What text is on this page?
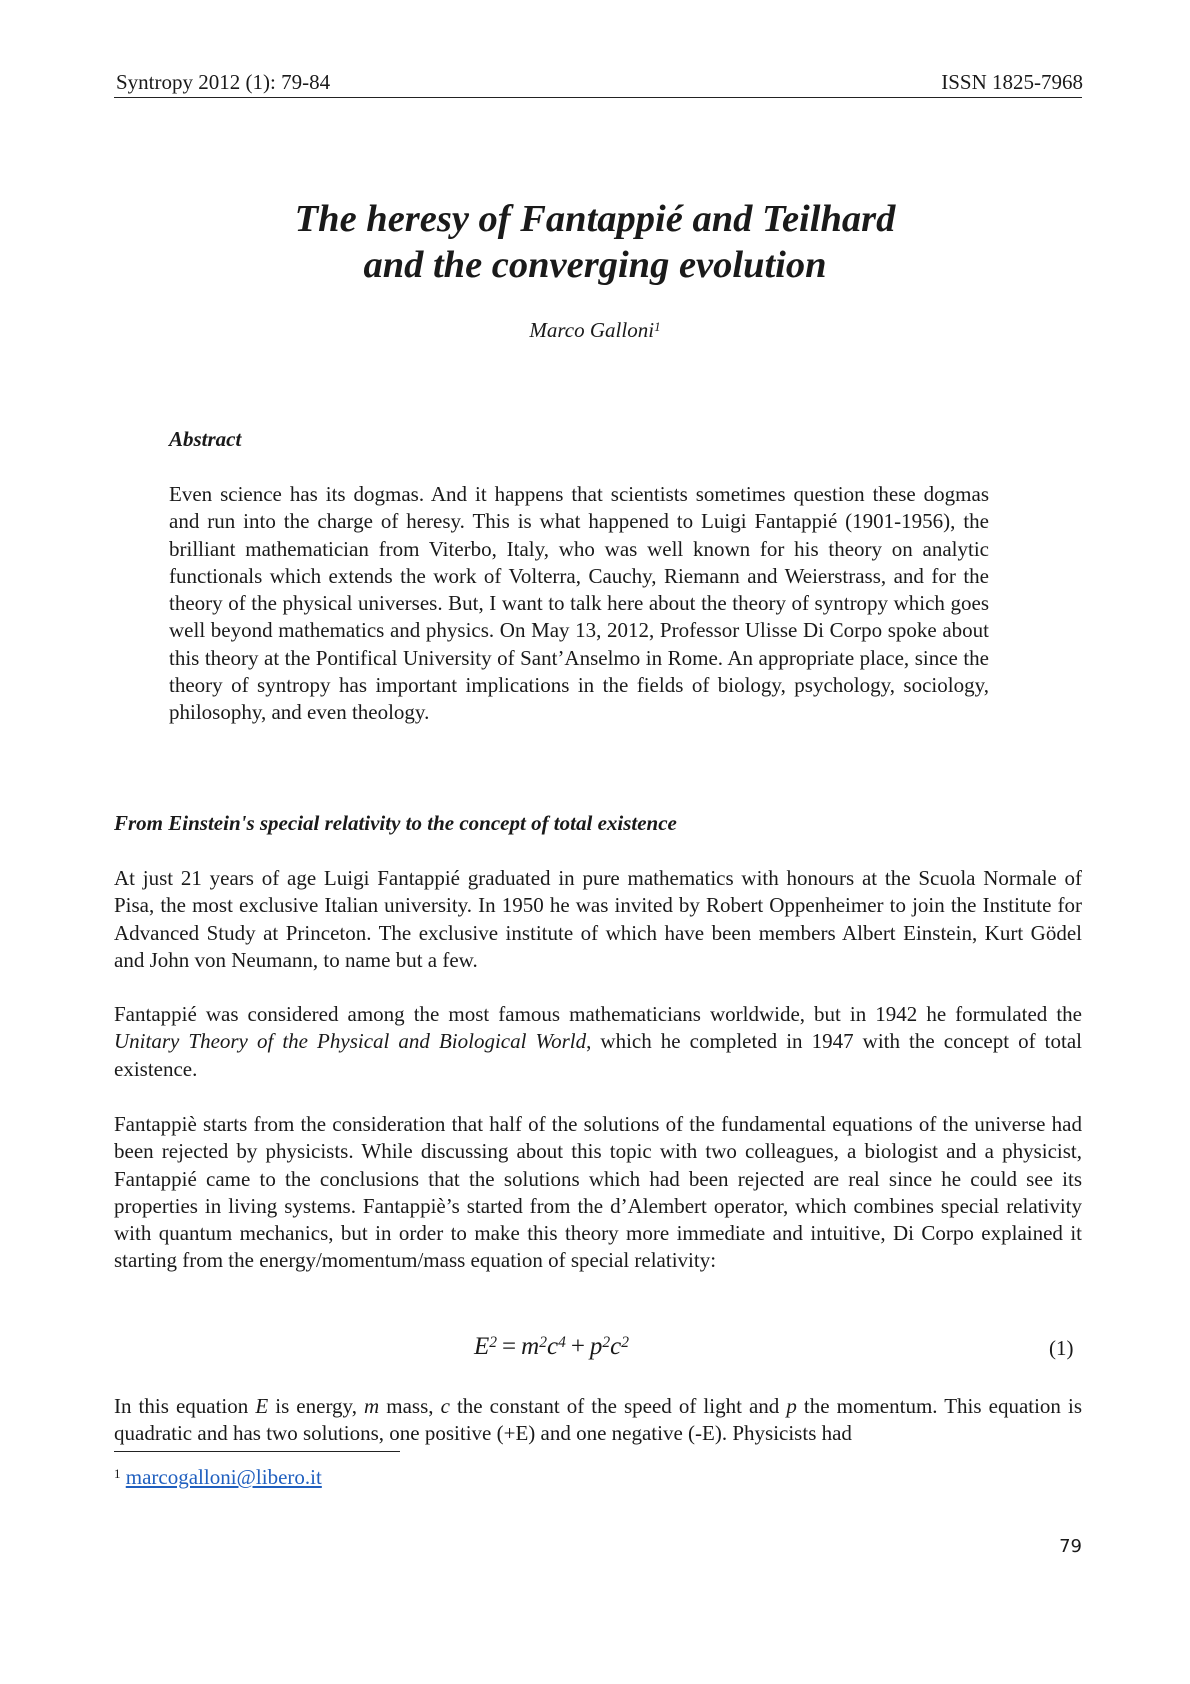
Syntropy 2012 (1): 79-84	ISSN 1825-7968
The heresy of Fantappié and Teilhard
and the converging evolution
Marco Galloni$^1$
Abstract
Even science has its dogmas. And it happens that scientists sometimes question these dogmas and run into the charge of heresy. This is what happened to Luigi Fantappié (1901-1956), the brilliant mathematician from Viterbo, Italy, who was well known for his theory on analytic functionals which extends the work of Volterra, Cauchy, Riemann and Weierstrass, and for the theory of the physical universes. But, I want to talk here about the theory of syntropy which goes well beyond mathematics and physics. On May 13, 2012, Professor Ulisse Di Corpo spoke about this theory at the Pontifical University of Sant’Anselmo in Rome. An appropriate place, since the theory of syntropy has important implications in the fields of biology, psychology, sociology, philosophy, and even theology.
From Einstein's special relativity to the concept of total existence
At just 21 years of age Luigi Fantappié graduated in pure mathematics with honours at the Scuola Normale of Pisa, the most exclusive Italian university. In 1950 he was invited by Robert Oppenheimer to join the Institute for Advanced Study at Princeton. The exclusive institute of which have been members Albert Einstein, Kurt Gödel and John von Neumann, to name but a few.
Fantappié was considered among the most famous mathematicians worldwide, but in 1942 he formulated the Unitary Theory of the Physical and Biological World, which he completed in 1947 with the concept of total existence.
Fantappiè starts from the consideration that half of the solutions of the fundamental equations of the universe had been rejected by physicists. While discussing about this topic with two colleagues, a biologist and a physicist, Fantappié came to the conclusions that the solutions which had been rejected are real since he could see its properties in living systems. Fantappiè’s started from the d’Alembert operator, which combines special relativity with quantum mechanics, but in order to make this theory more immediate and intuitive, Di Corpo explained it starting from the energy/momentum/mass equation of special relativity:
$E^2 = m^2c^4 + p^2c^2$	(1)
In this equation E is energy, m mass, c the constant of the speed of light and p the momentum. This equation is quadratic and has two solutions, one positive (+E) and one negative (-E). Physicists had
$^1$ marcogalloni@libero.it
79
